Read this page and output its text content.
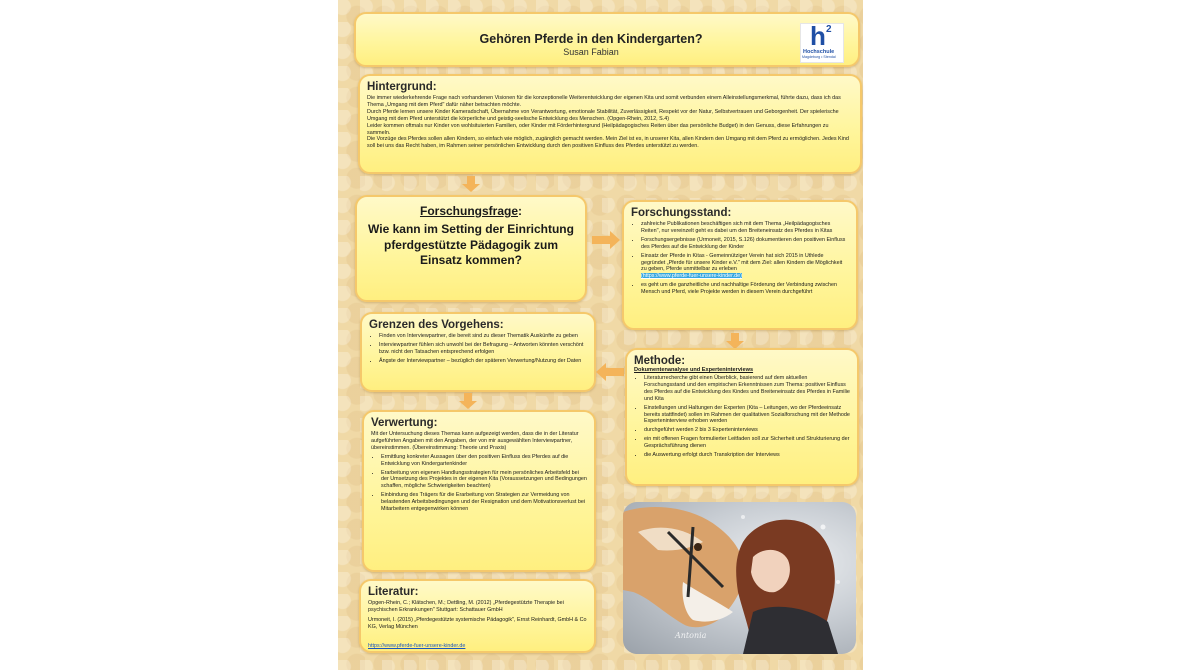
Gehören Pferde in den Kindergarten?
Susan Fabian
h 2
Hochschule
Magdeburg • Stendal
Hintergrund:

Die immer wiederkehrende Frage nach vorhandenen Visionen für die konzeptionelle Weiterentwicklung der eigenen Kita und somit verbunden einem Alleinstellungsmerkmal, führte dazu, dass ich das Thema „Umgang mit dem Pferd" dafür näher betrachten möchte.

Durch Pferde lernen unsere Kinder Kameradschaft, Übernahme von Verantwortung, emotionale Stabilität, Zuverlässigkeit, Respekt vor der Natur, Selbstvertrauen und Geborgenheit. Der spielerische Umgang mit dem Pferd unterstützt die körperliche und geistig-seelische Entwicklung des Menschen. (Opgen-Rhein, 2012, S.4)

Leider kommen oftmals nur Kinder von wohlsituierten Familien, oder Kinder mit Förderhintergrund (Heilpädagogisches Reiten über das persönliche Budget) in den Genuss, diese Erfahrungen zu sammeln.

Die Vorzüge des Pferdes sollen allen Kindern, so einfach wie möglich, zugänglich gemacht werden. Mein Ziel ist es, in unserer Kita, allen Kindern den Umgang mit dem Pferd zu ermöglichen. Jedes Kind soll bei uns das Recht haben, im Rahmen seiner persönlichen Entwicklung durch den positiven Einfluss des Pferdes unterstützt zu werden.

Forschungsfrage:
Wie kann im Setting der Einrichtung pferdgestützte Pädagogik zum Einsatz kommen?
Forschungsstand:
• zahlreiche Publikationen beschäftigen sich mit dem Thema „Heilpädagogisches Reiten", nur vereinzelt geht es dabei um den Breiteneinsatz des Pferdes in Kitas
• Forschungsergebnisse (Urmoneit, 2015, S.126) dokumentieren den positiven Einfluss des Pferdes auf die Entwicklung der Kinder
• Einsatz der Pferde in Kitas - Gemeinnütziger Verein hat sich 2015 in Uthlede gegründet „Pferde für unsere Kinder e.V." mit dem Ziel: allen Kindern die Möglichkeit zu geben, Pferde unmittelbar zu erleben
(https://www.pferde-fuer-unsere-kinder.de)
• es geht um die ganzheitliche und nachhaltige Förderung der Verbindung zwischen Mensch und Pferd, viele Projekte werden in diesem Verein durchgeführt
Grenzen des Vorgehens:
• Finden von Interviewpartner, die bereit sind zu dieser Thematik Auskünfte zu geben
• Interviewpartner fühlen sich unwohl bei der Befragung – Antworten könnten verschönt bzw. nicht den Tatsachen entsprechend erfolgen
• Ängste der Interviewpartner – bezüglich der späteren Verwertung/Nutzung der Daten	Methode:
Dokumentenanalyse und Experteninterviews
• Literaturrecherche gibt einen Überblick, basierend auf dem aktuellen Forschungsstand und den empirischen Erkenntnissen zum Thema: positiver Einfluss des Pferdes auf die Entwicklung des Kindes und Breiteneinsatz des Pferdes in Familie und Kita
• Einstellungen und Haltungen der Experten (Kita – Leitungen, wo der Pferdeeinsatz bereits stattfindet) sollen im Rahmen der qualitativen Sozialforschung mit der Methode Experteninterview erhoben werden
• durchgeführt werden 2 bis 3 Experteninterviews
• ein mit offenen Fragen formulierter Leitfaden soll zur Sicherheit und Strukturierung der Gesprächsführung dienen
• die Auswertung erfolgt durch Transkription der Interviews
Verwertung:

Mit der Untersuchung dieses Themas kann aufgezeigt werden, dass die in der Literatur aufgeführten Angaben mit den Angaben, der von mir ausgewählten Interviewpartner, übereinstimmen. (Übereinstimmung: Theorie und Praxis)

• Ermittlung konkreter Aussagen über den positiven Einfluss des Pferdes auf die Entwicklung von Kindergartenkinder
• Erarbeitung von eigenen Handlungsstrategien für mein persönliches Arbeitsfeld bei der Umsetzung des Projektes in der eigenen Kita (Voraussetzungen und Bedingungen schaffen, mögliche Schwierigkeiten beachten)
• Einbindung des Trägers für die Erarbeitung von Strategien zur Vermeidung von belastenden Arbeitsbedingungen und der Resignation und dem Motivationsverlust bei Mitarbeitern entgegenwirken können
Literatur:

Opgen-Rhein, C.; Klätschen, M.; Dettling, M. (2012) „Pferdegestützte Therapie bei psychischen Erkrankungen" Stuttgart: Schattauer GmbH

Urmoneit, I. (2015) „Pferdegestützte systemische Pädagogik", Ernst Reinhardt, GmbH & Co KG, Verlag München

https://www.pferde-fuer-unsere-kinder.de
Antonia
